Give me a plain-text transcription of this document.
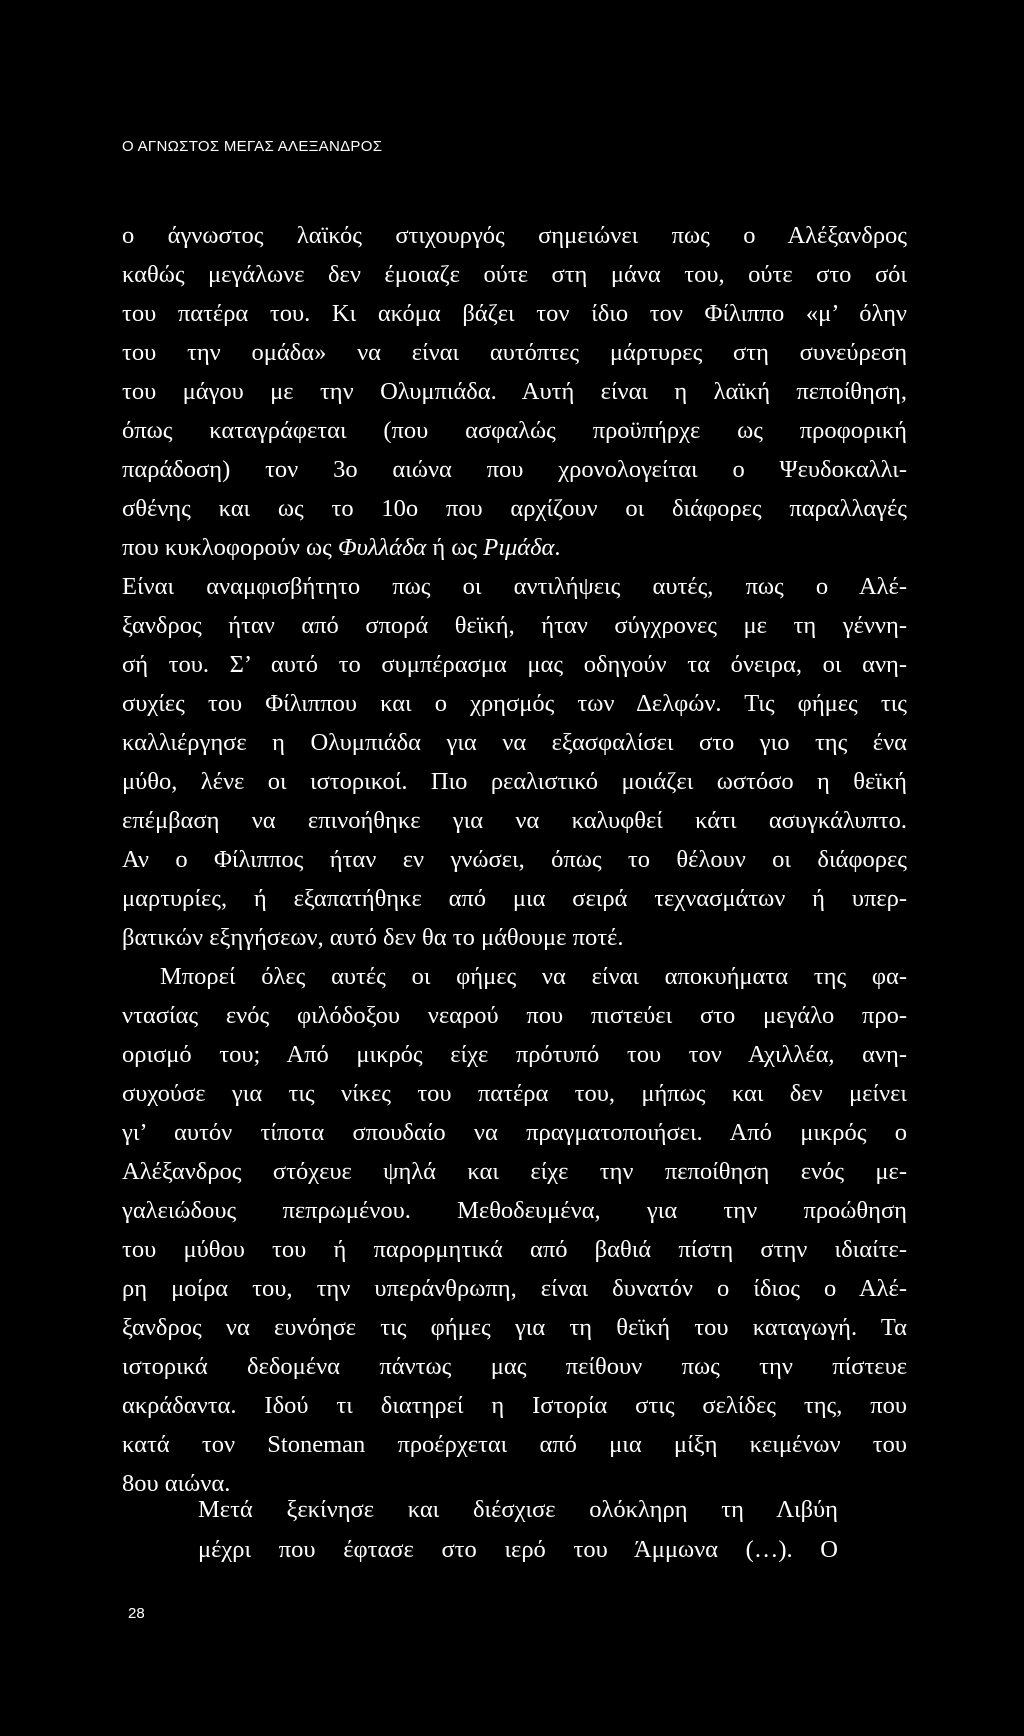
Ο ΑΓΝΩΣΤΟΣ ΜΕΓΑΣ ΑΛΕΞΑΝΔΡΟΣ
ο άγνωστος λαϊκός στιχουργός σημειώνει πως ο Αλέξανδρος
καθώς μεγάλωνε δεν έμοιαζε ούτε στη μάνα του, ούτε στο σόι
του πατέρα του. Κι ακόμα βάζει τον ίδιο τον Φίλιππο «μ’ όλην
του την ομάδα» να είναι αυτόπτες μάρτυρες στη συνεύρεση
του μάγου με την Ολυμπιάδα. Αυτή είναι η λαϊκή πεποίθηση,
όπως καταγράφεται (που ασφαλώς προϋπήρχε ως προφορική
παράδοση) τον 3ο αιώνα που χρονολογείται ο Ψευδοκαλλι-
σθένης και ως το 10ο που αρχίζουν οι διάφορες παραλλαγές
που κυκλοφορούν ως Φυλλάδα ή ως Ριμάδα.
Είναι αναμφισβήτητο πως οι αντιλήψεις αυτές, πως ο Αλέ-
ξανδρος ήταν από σπορά θεϊκή, ήταν σύγχρονες με τη γέννη-
σή του. Σ’ αυτό το συμπέρασμα μας οδηγούν τα όνειρα, οι ανη-
συχίες του Φίλιππου και ο χρησμός των Δελφών. Τις φήμες τις
καλλιέργησε η Ολυμπιάδα για να εξασφαλίσει στο γιο της ένα
μύθο, λένε οι ιστορικοί. Πιο ρεαλιστικό μοιάζει ωστόσο η θεϊκή
επέμβαση να επινοήθηκε για να καλυφθεί κάτι ασυγκάλυπτο.
Αν ο Φίλιππος ήταν εν γνώσει, όπως το θέλουν οι διάφορες
μαρτυρίες, ή εξαπατήθηκε από μια σειρά τεχνασμάτων ή υπερ-
βατικών εξηγήσεων, αυτό δεν θα το μάθουμε ποτέ.
Μπορεί όλες αυτές οι φήμες να είναι αποκυήματα της φα-
ντασίας ενός φιλόδοξου νεαρού που πιστεύει στο μεγάλο προ-
ορισμό του; Από μικρός είχε πρότυπό του τον Αχιλλέα, ανη-
συχούσε για τις νίκες του πατέρα του, μήπως και δεν μείνει
γι’ αυτόν τίποτα σπουδαίο να πραγματοποιήσει. Από μικρός ο
Αλέξανδρος στόχευε ψηλά και είχε την πεποίθηση ενός με-
γαλειώδους πεπρωμένου. Μεθοδευμένα, για την προώθηση
του μύθου του ή παρορμητικά από βαθιά πίστη στην ιδιαίτε-
ρη μοίρα του, την υπεράνθρωπη, είναι δυνατόν ο ίδιος ο Αλέ-
ξανδρος να ευνόησε τις φήμες για τη θεϊκή του καταγωγή. Τα
ιστορικά δεδομένα πάντως μας πείθουν πως την πίστευε
ακράδαντα. Ιδού τι διατηρεί η Ιστορία στις σελίδες της, που
κατά τον Stoneman προέρχεται από μια μίξη κειμένων του
8ου αιώνα.
Μετά ξεκίνησε και διέσχισε ολόκληρη τη Λιβύη
μέχρι που έφτασε στο ιερό του Άμμωνα (…). Ο
28
